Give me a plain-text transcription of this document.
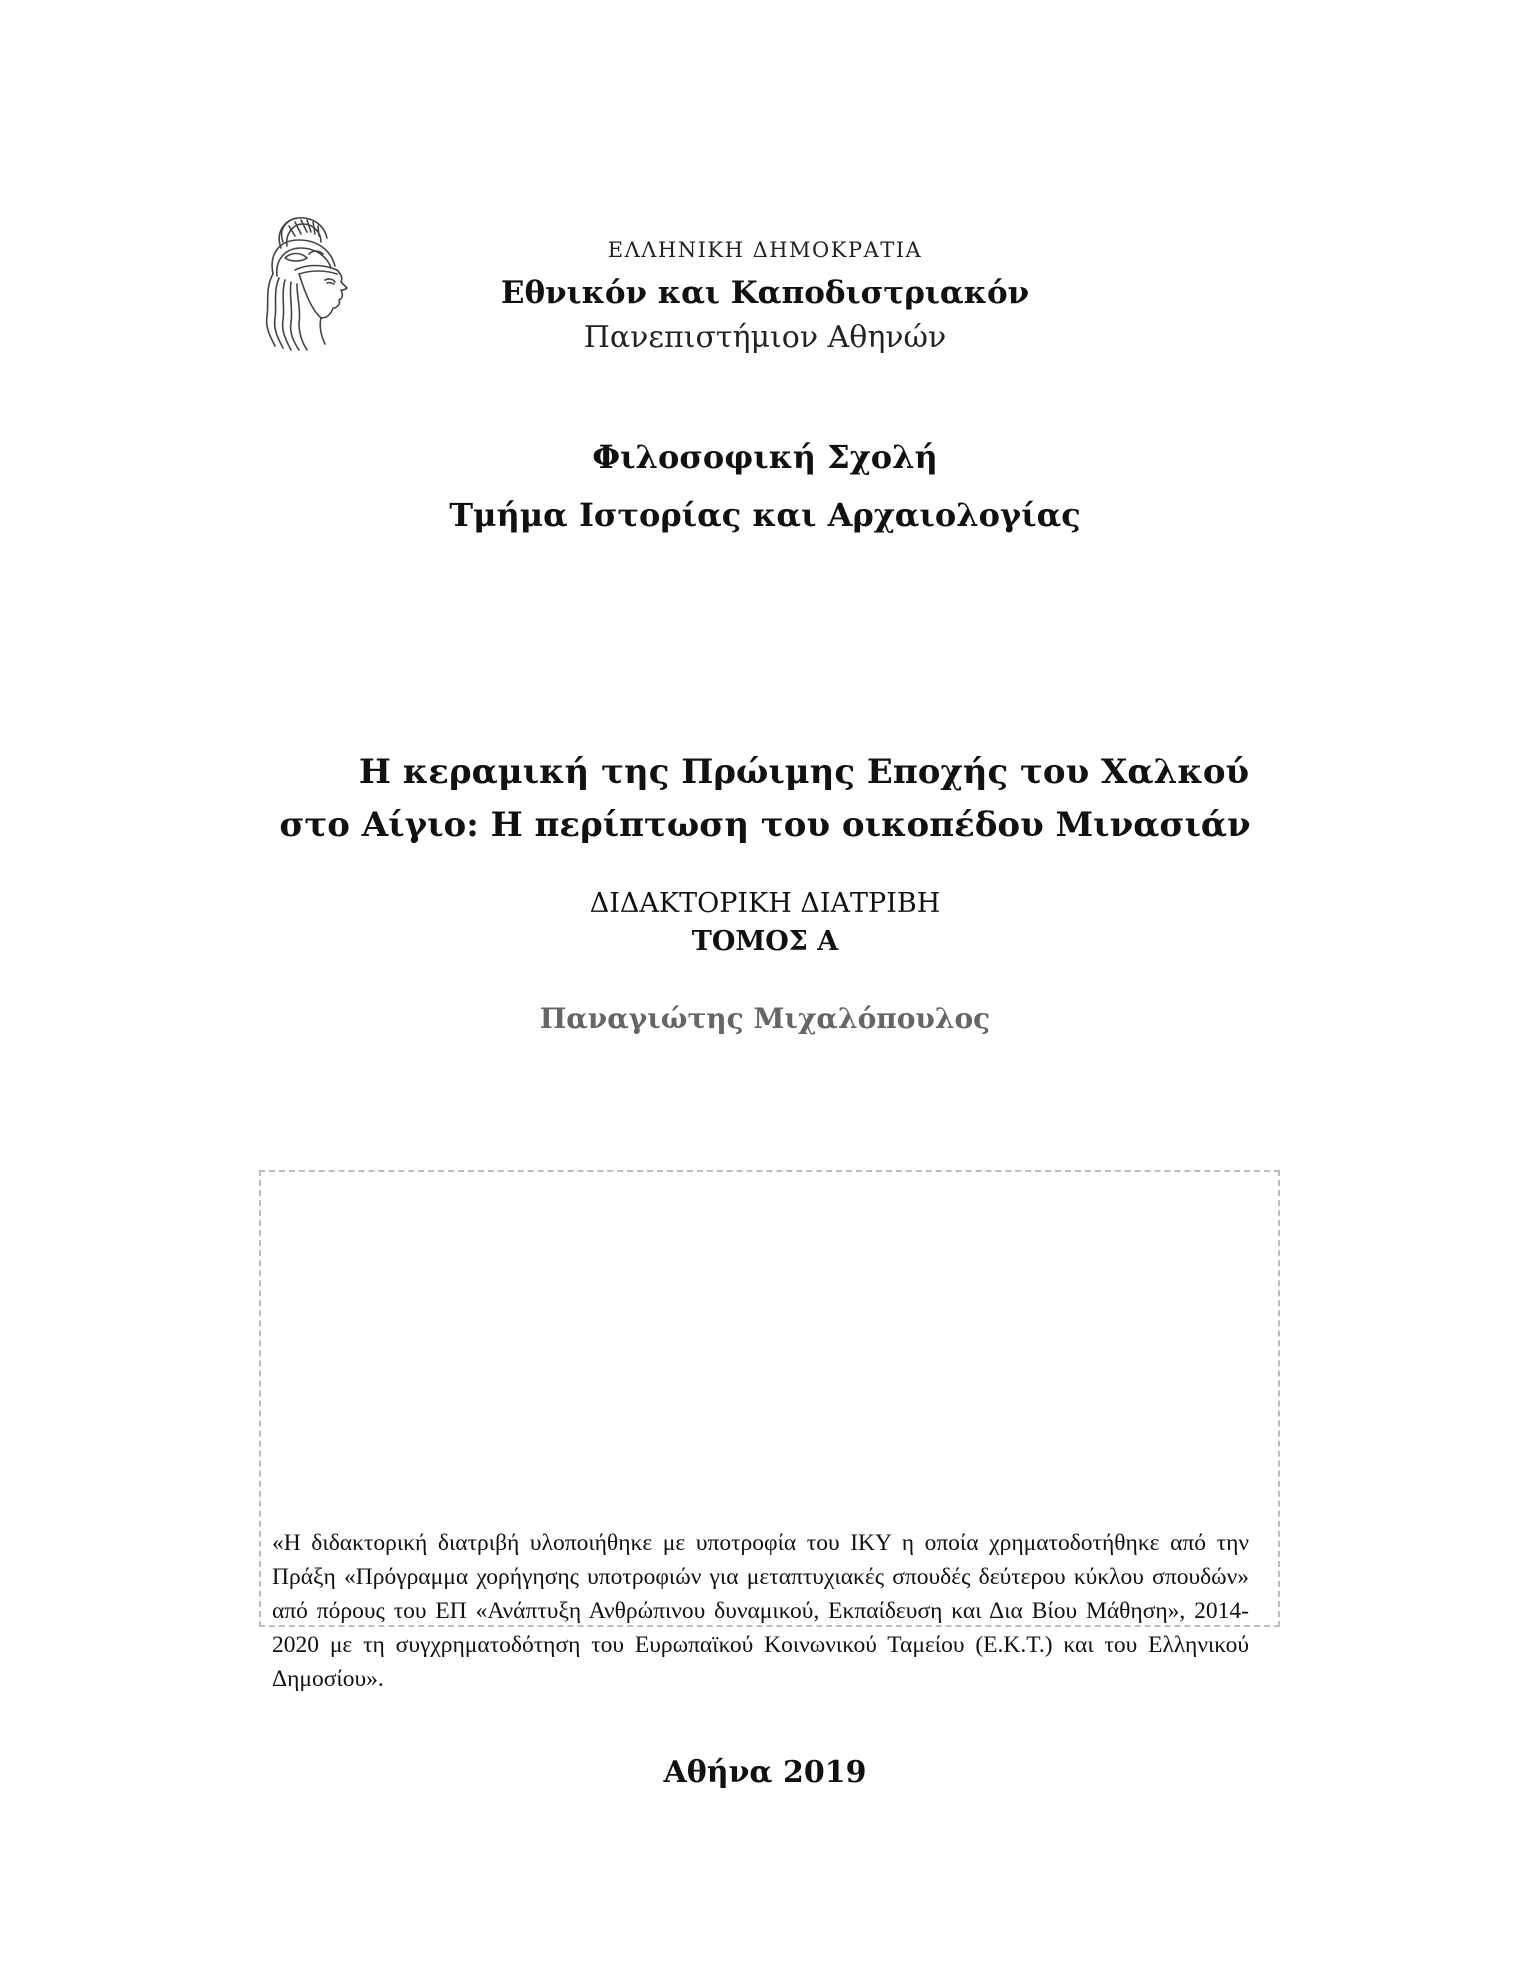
ΕΛΛΗΝΙΚΗ ΔΗΜΟΚΡΑΤΙΑ
Εθνικόν και Καποδιστριακόν
Πανεπιστήμιον Αθηνών
Φιλοσοφική Σχολή
Τμήμα Ιστορίας και Αρχαιολογίας
Η κεραμική της Πρώιμης Εποχής του Χαλκού
στο Αίγιο: Η περίπτωση του οικοπέδου Μινασιάν
ΔΙΔΑΚΤΟΡΙΚΗ ΔΙΑΤΡΙΒΗ
ΤΟΜΟΣ Α
Παναγιώτης Μιχαλόπουλος
«Η διδακτορική διατριβή υλοποιήθηκε με υποτροφία του ΙΚΥ η οποία χρηματοδοτήθηκε από την Πράξη «Πρόγραμμα χορήγησης υποτροφιών για μεταπτυχιακές σπουδές δεύτερου κύκλου σπουδών» από πόρους του ΕΠ «Ανάπτυξη Ανθρώπινου δυναμικού, Εκπαίδευση και Δια Βίου Μάθηση», 2014-2020 με τη συγχρηματοδότηση του Ευρωπαϊκού Κοινωνικού Ταμείου (Ε.Κ.Τ.) και του Ελληνικού Δημοσίου».
Αθήνα 2019
